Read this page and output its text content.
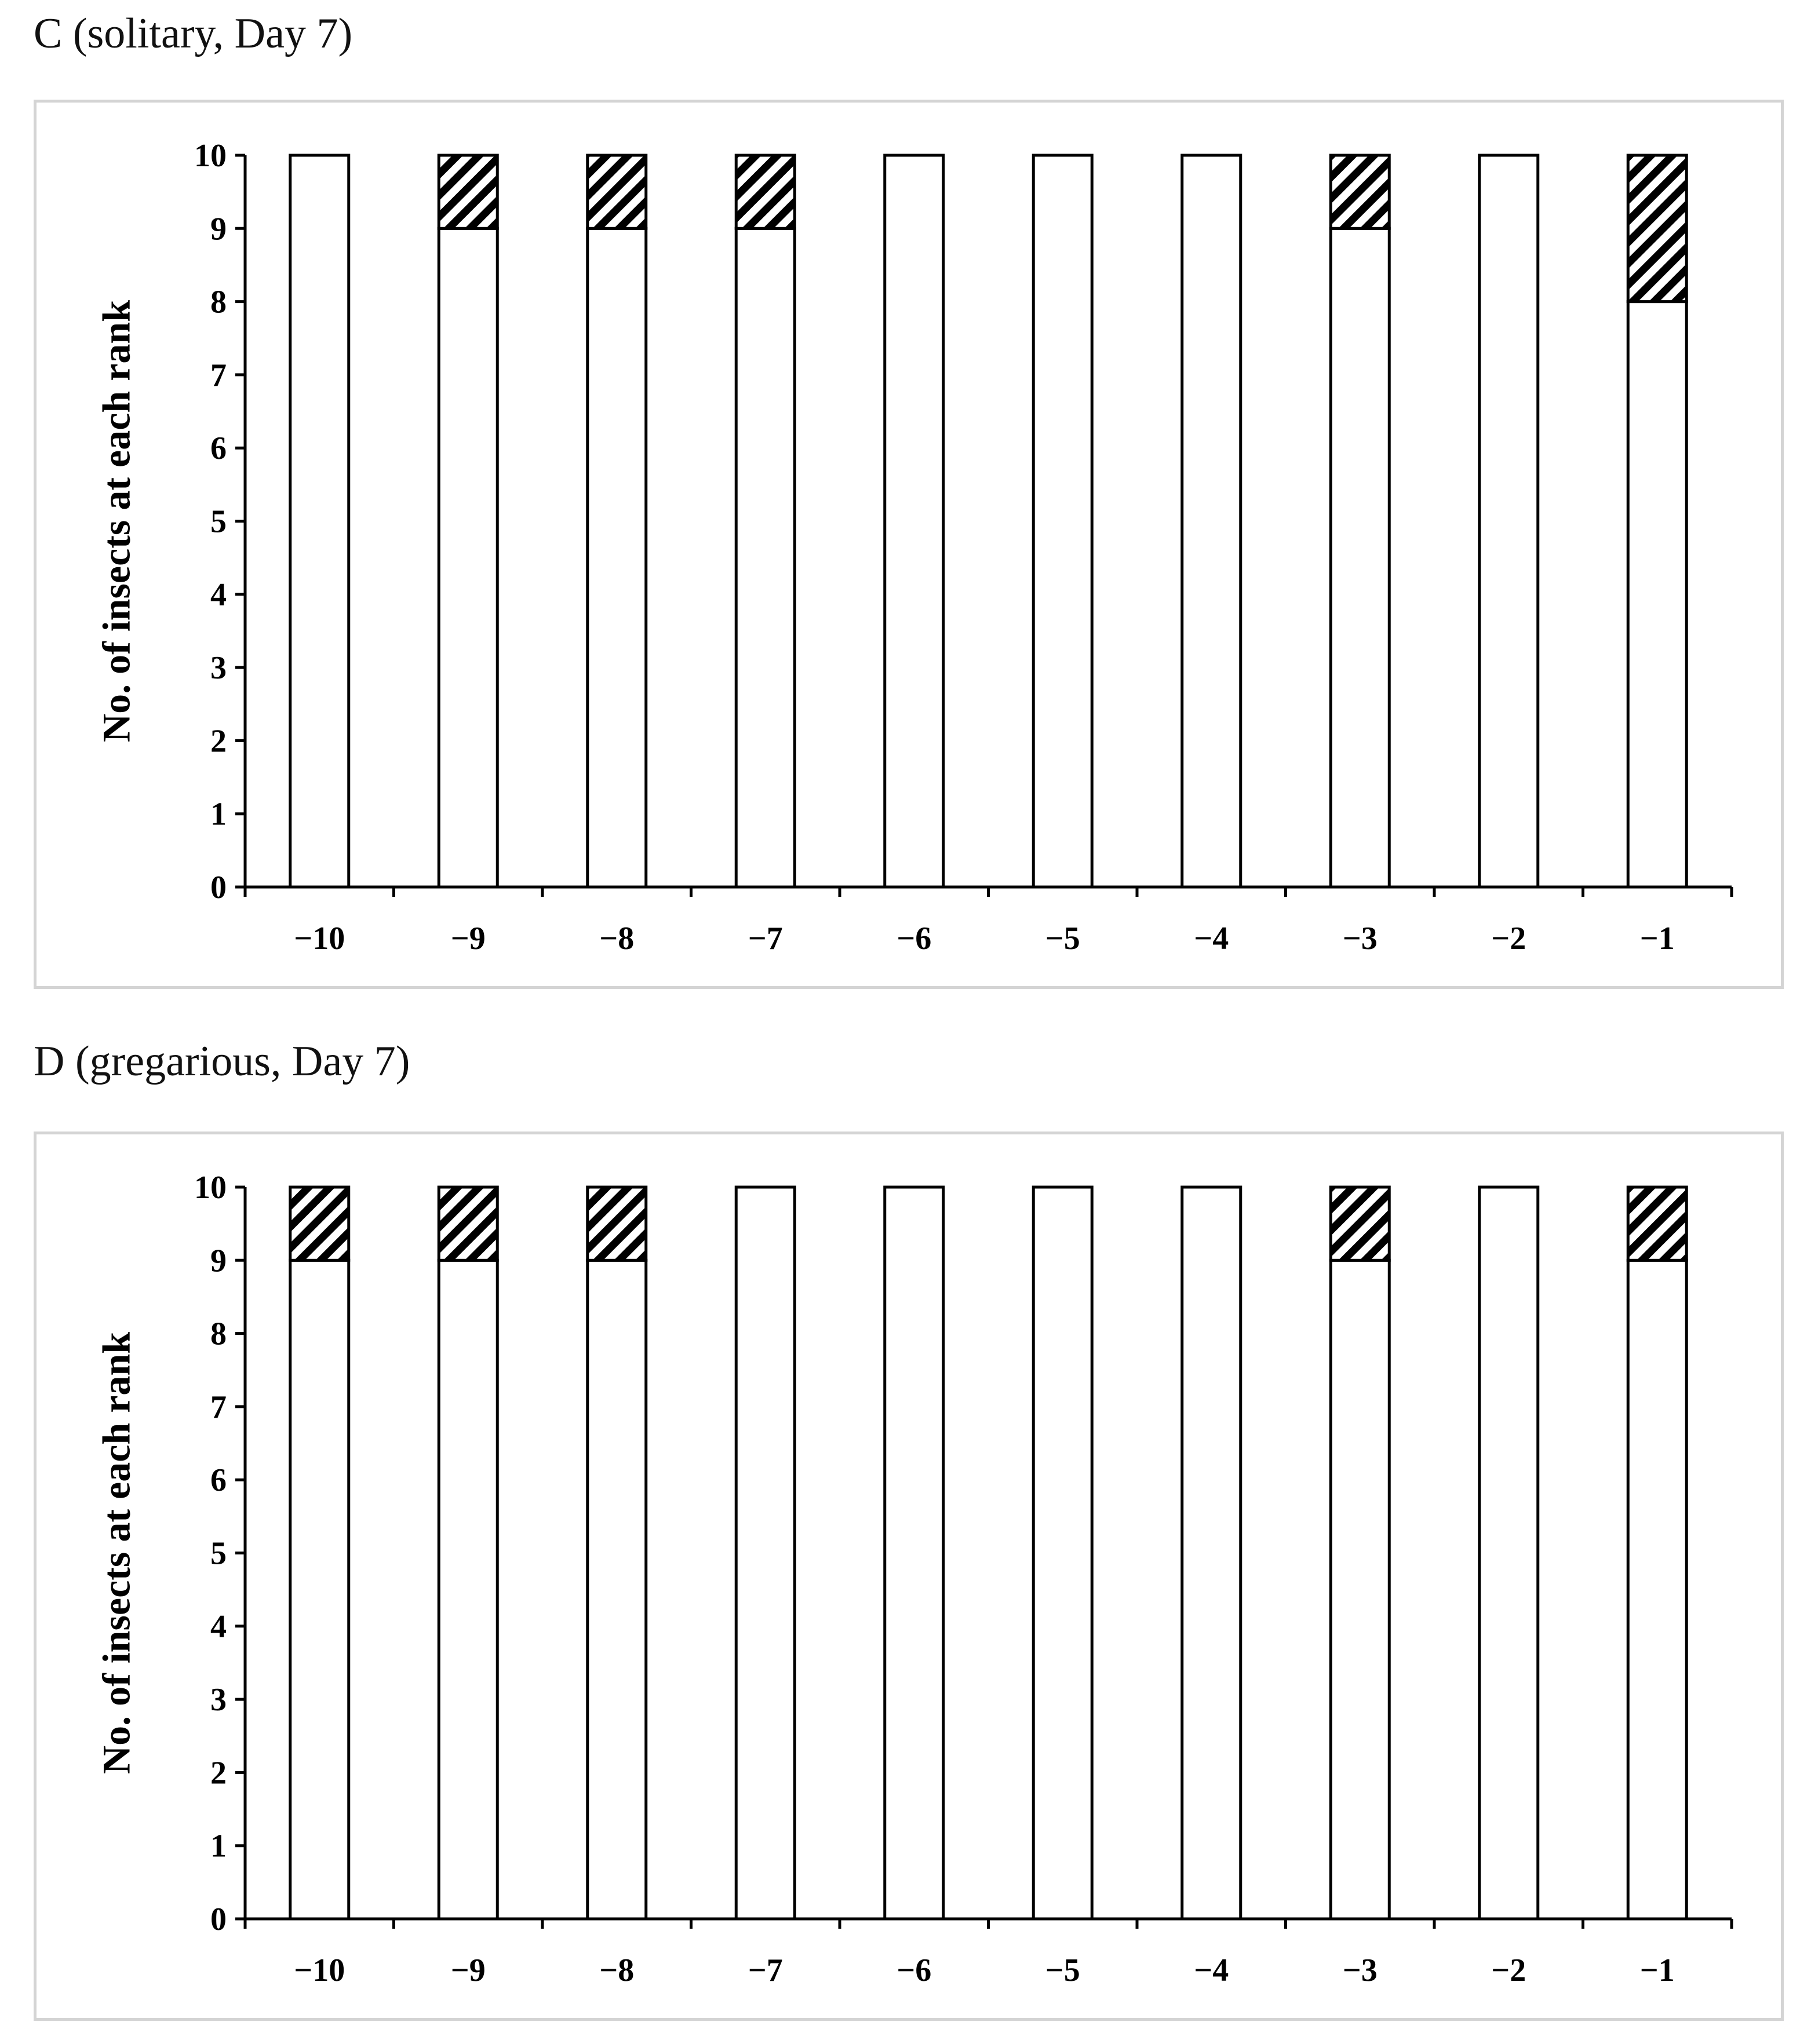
C (solitary, Day 7)
0
1
2
3
4
5
6
7
8
9
10
−10	−9	−8	−7	−6	−5	−4	−3	−2	−1
No. of insects at each rank
D (gregarious, Day 7)
0
1
2
3
4
5
6
7
8
9
10
−10	−9	−8	−7	−6	−5	−4	−3	−2	−1
No. of insects at each rank
